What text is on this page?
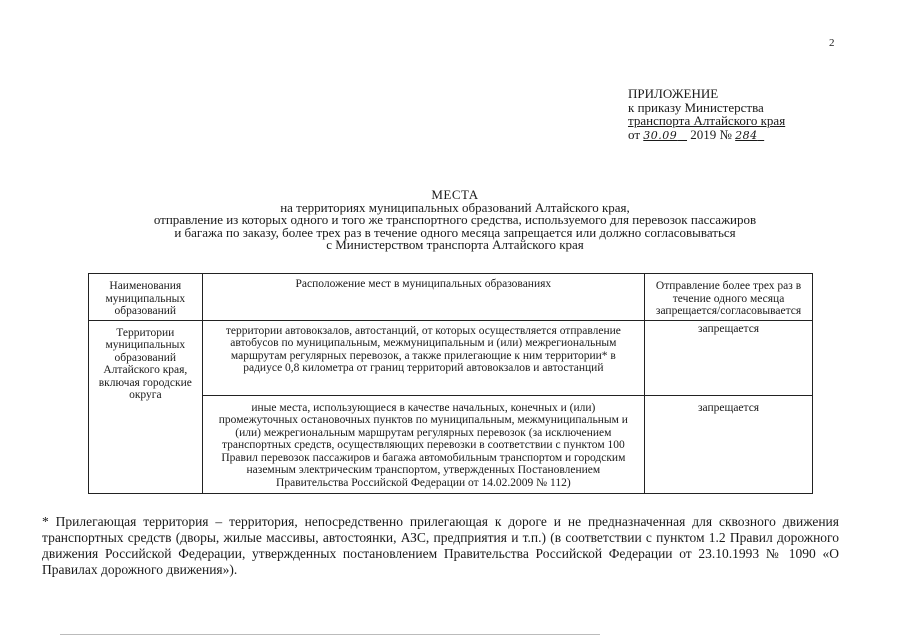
2
ПРИЛОЖЕНИЕ
к приказу Министерства
транспорта Алтайского края
от 30.09 2019 № 284
МЕСТА
на территориях муниципальных образований Алтайского края,
отправление из которых одного и того же транспортного средства, используемого для перевозок пассажиров
и багажа по заказу, более трех раз в течение одного месяца запрещается или должно согласовываться
с Министерством транспорта Алтайского края
Наименования муниципальных образований	Расположение мест в муниципальных образованиях	Отправление более трех раз в течение одного месяца запрещается/согласовывается
Территории муниципальных образований Алтайского края, включая городские округа	территории автовокзалов, автостанций, от которых осуществляется отправление автобусов по муниципальным, межмуниципальным и (или) межрегиональным маршрутам регулярных перевозок, а также прилегающие к ним территории* в радиусе 0,8 километра от границ территорий автовокзалов и автостанций	запрещается
	иные места, использующиеся в качестве начальных, конечных и (или) промежуточных остановочных пунктов по муниципальным, межмуниципальным и (или) межрегиональным маршрутам регулярных перевозок (за исключением транспортных средств, осуществляющих перевозки в соответствии с пунктом 100 Правил перевозок пассажиров и багажа автомобильным транспортом и городским наземным электрическим транспортом, утвержденных Постановлением Правительства Российской Федерации от 14.02.2009 № 112)	запрещается
* Прилегающая территория – территория, непосредственно прилегающая к дороге и не предназначенная для сквозного движения транспортных средств (дворы, жилые массивы, автостоянки, АЗС, предприятия и т.п.) (в соответствии с пунктом 1.2 Правил дорожного движения Российской Федерации, утвержденных постановлением Правительства Российской Федерации от 23.10.1993 № 1090 «О Правилах дорожного движения»).
